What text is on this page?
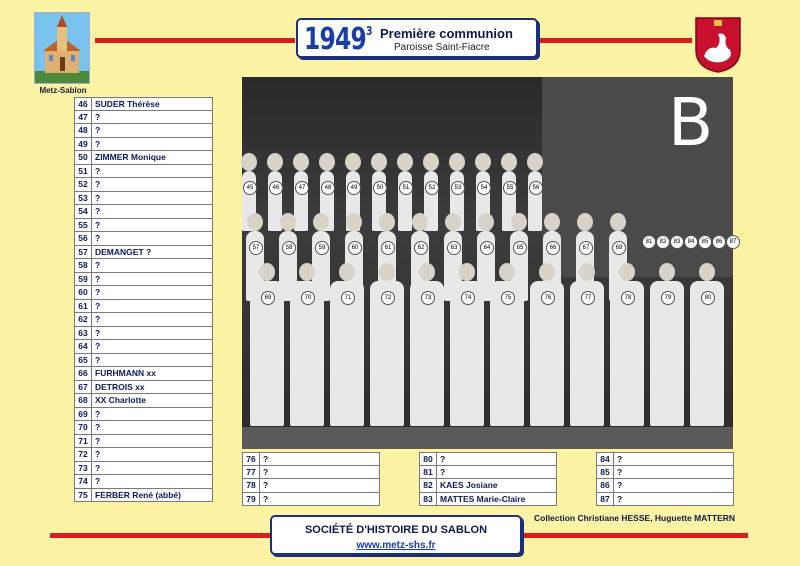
Metz-Sablon
1949$^3$ Première communion
Paroisse Saint-Fiacre
45	46	47	48	49	50	51	52	53	54	55	56
57	58	59	60	61	62	63	64	65	66	67	68
69	70	71	72	73	74	75	76	77	78	79	80
81	82	83	84	85	86	87
B
46 SUDER Thérèse
47 ?
48 ?
49 ?
50 ZIMMER Monique
51 ?
52 ?
53 ?
54 ?
55 ?
56 ?
57 DEMANGET ?
58 ?
59 ?
60 ?
61 ?
62 ?
63 ?
64 ?
65 ?
66 FURHMANN xx
67 DETROIS xx
68 XX Charlotte
69 ?
70 ?
71 ?
72 ?
73 ?
74 ?
75 FERBER René (abbé)
76 ?
77 ?
78 ?
79 ?
80 ?
81 ?
82 KAES Josiane
83 MATTES Marie-Claire
84 ?
85 ?
86 ?
87 ?
Collection Christiane HESSE, Huguette MATTERN
SOCIÉTÉ D'HISTOIRE DU SABLON
www.metz-shs.fr
